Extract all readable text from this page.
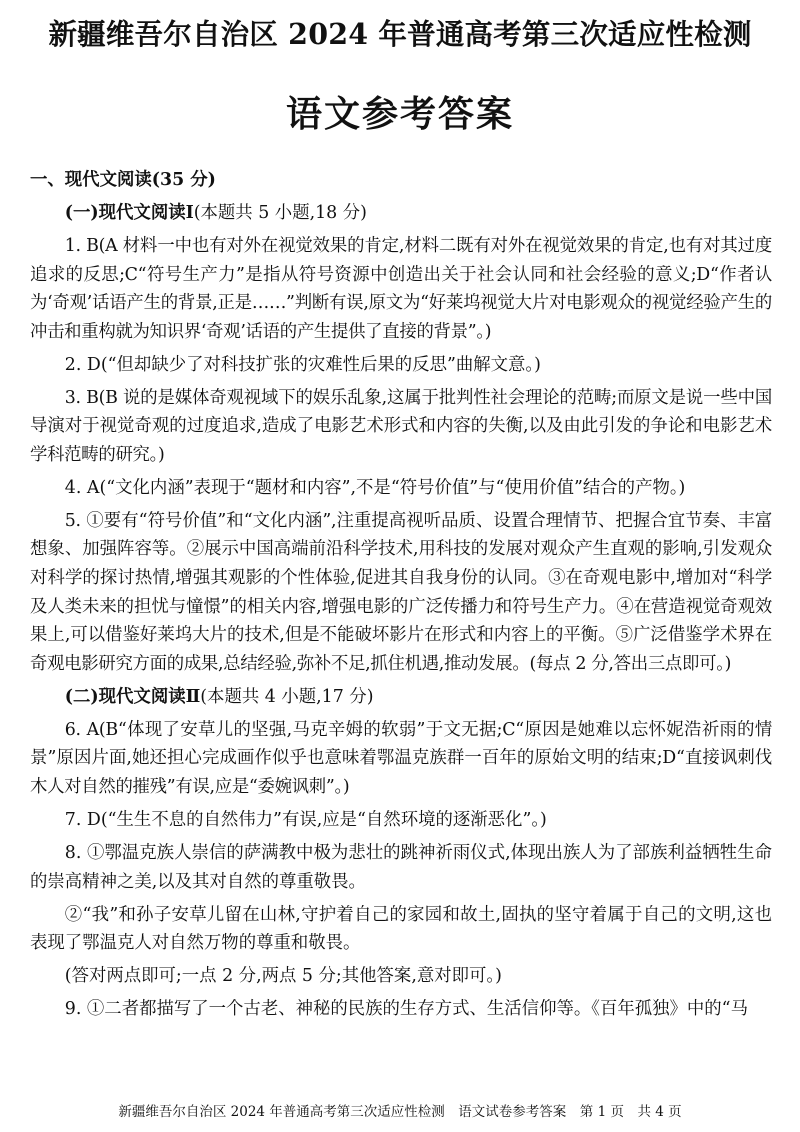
新疆维吾尔自治区 2024 年普通高考第三次适应性检测
语文参考答案

一、现代文阅读(35 分)

(一)现代文阅读Ⅰ(本题共 5 小题,18 分)

1. B(A 材料一中也有对外在视觉效果的肯定,材料二既有对外在视觉效果的肯定,也有对其过度追求的反思;C“符号生产力”是指从符号资源中创造出关于社会认同和社会经验的意义;D“作者认为‘奇观’话语产生的背景,正是……”判断有误,原文为“好莱坞视觉大片对电影观众的视觉经验产生的冲击和重构就为知识界‘奇观’话语的产生提供了直接的背景”。)

2. D(“但却缺少了对科技扩张的灾难性后果的反思”曲解文意。)

3. B(B 说的是媒体奇观视域下的娱乐乱象,这属于批判性社会理论的范畴;而原文是说一些中国导演对于视觉奇观的过度追求,造成了电影艺术形式和内容的失衡,以及由此引发的争论和电影艺术学科范畴的研究。)

4. A(“文化内涵”表现于“题材和内容”,不是“符号价值”与“使用价值”结合的产物。)

5. ①要有“符号价值”和“文化内涵”,注重提高视听品质、设置合理情节、把握合宜节奏、丰富想象、加强阵容等。②展示中国高端前沿科学技术,用科技的发展对观众产生直观的影响,引发观众对科学的探讨热情,增强其观影的个性体验,促进其自我身份的认同。③在奇观电影中,增加对“科学及人类未来的担忧与憧憬”的相关内容,增强电影的广泛传播力和符号生产力。④在营造视觉奇观效果上,可以借鉴好莱坞大片的技术,但是不能破坏影片在形式和内容上的平衡。⑤广泛借鉴学术界在奇观电影研究方面的成果,总结经验,弥补不足,抓住机遇,推动发展。(每点 2 分,答出三点即可。)

(二)现代文阅读Ⅱ(本题共 4 小题,17 分)

6. A(B“体现了安草儿的坚强,马克辛姆的软弱”于文无据;C“原因是她难以忘怀妮浩祈雨的情景”原因片面,她还担心完成画作似乎也意味着鄂温克族群一百年的原始文明的结束;D“直接讽刺伐木人对自然的摧残”有误,应是“委婉讽刺”。)

7. D(“生生不息的自然伟力”有误,应是“自然环境的逐渐恶化”。)

8. ①鄂温克族人崇信的萨满教中极为悲壮的跳神祈雨仪式,体现出族人为了部族利益牺牲生命的崇高精神之美,以及其对自然的尊重敬畏。

②“我”和孙子安草儿留在山林,守护着自己的家园和故土,固执的坚守着属于自己的文明,这也表现了鄂温克人对自然万物的尊重和敬畏。

(答对两点即可;一点 2 分,两点 5 分;其他答案,意对即可。)

9. ①二者都描写了一个古老、神秘的民族的生存方式、生活信仰等。《百年孤独》中的“马

新疆维吾尔自治区 2024 年普通高考第三次适应性检测　语文试卷参考答案　第 1 页　共 4 页
